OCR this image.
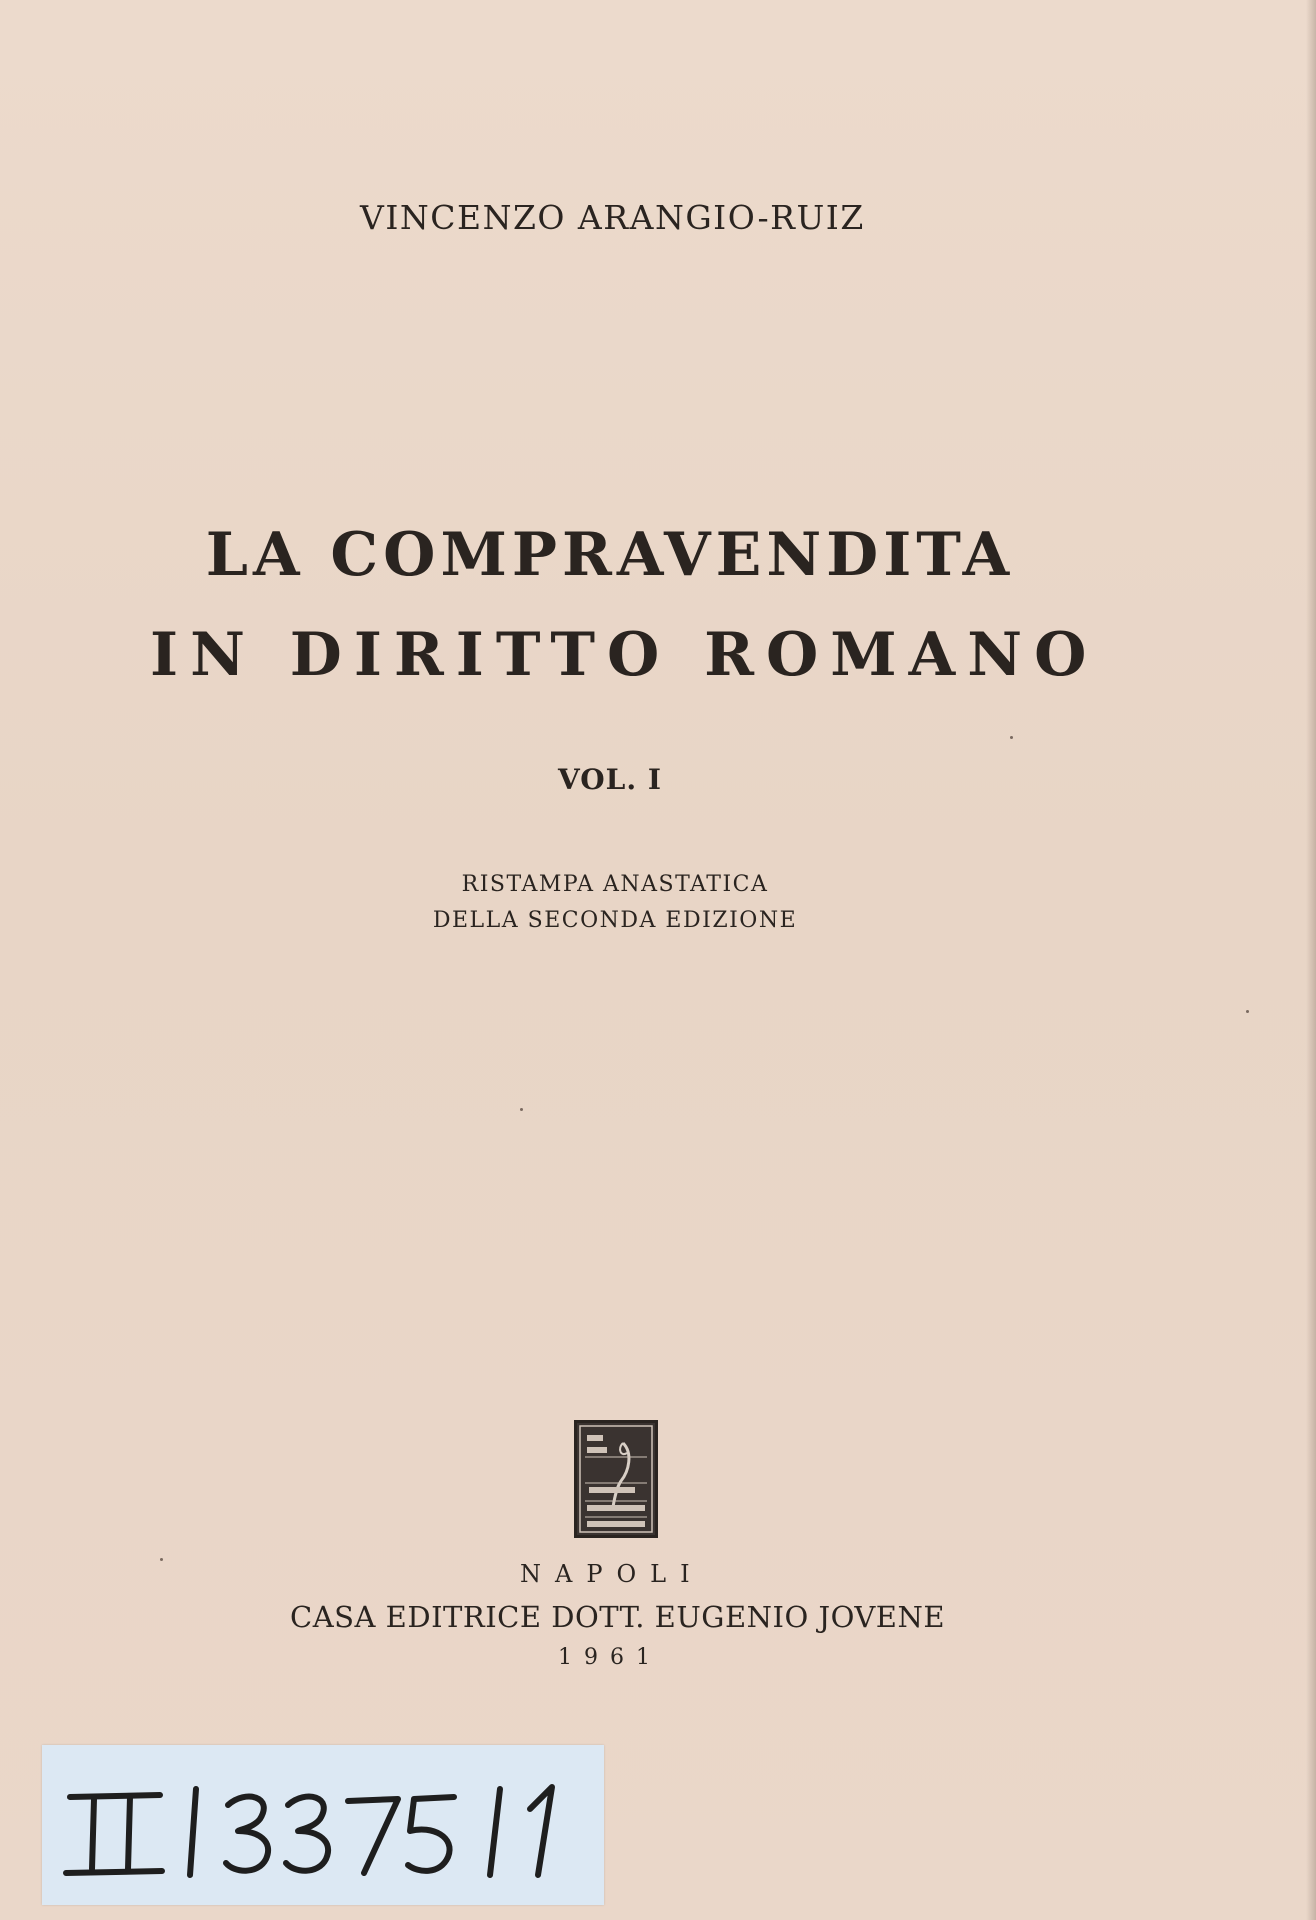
VINCENZO ARANGIO-RUIZ
LA COMPRAVENDITA
IN DIRITTO ROMANO
VOL. I
RISTAMPA ANASTATICA
DELLA SECONDA EDIZIONE
NAPOLI
CASA EDITRICE DOTT. EUGENIO JOVENE
1961
